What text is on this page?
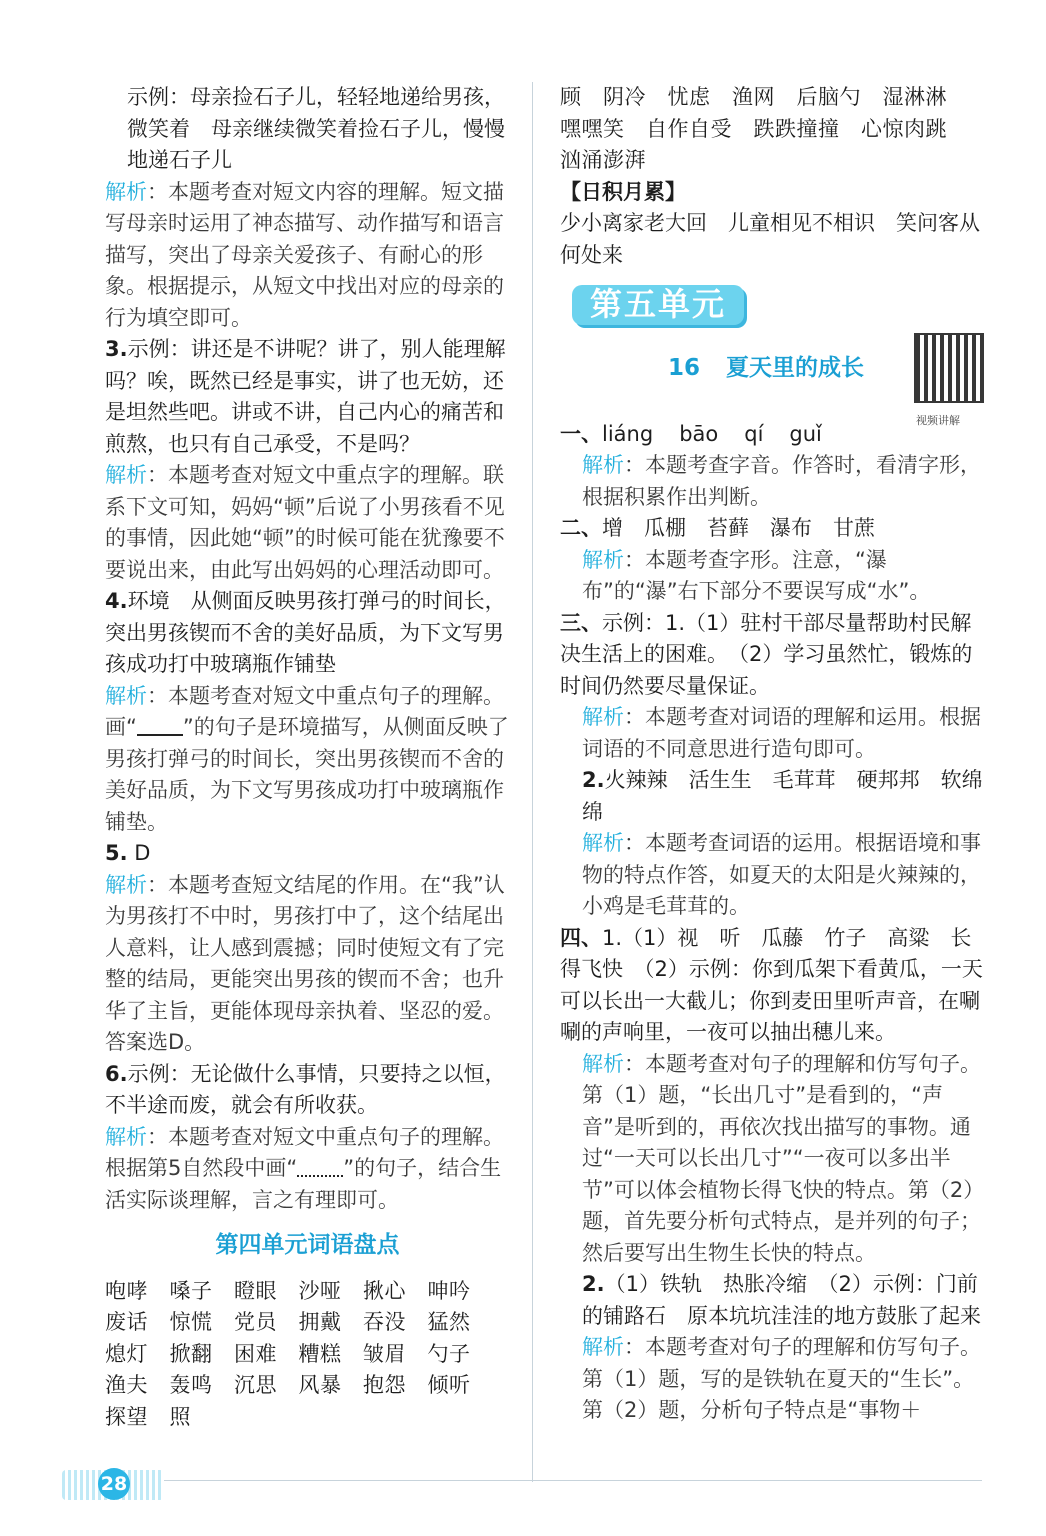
示例：母亲捡石子儿，轻轻地递给男孩，微笑着　母亲继续微笑着捡石子儿，慢慢地递石子儿

解析：本题考查对短文内容的理解。短文描写母亲时运用了神态描写、动作描写和语言描写，突出了母亲关爱孩子、有耐心的形象。根据提示，从短文中找出对应的母亲的行为填空即可。

3.示例：讲还是不讲呢？讲了，别人能理解吗？唉，既然已经是事实，讲了也无妨，还是坦然些吧。讲或不讲，自己内心的痛苦和煎熬，也只有自己承受，不是吗？

解析：本题考查对短文中重点字的理解。联系下文可知，妈妈“顿”后说了小男孩看不见的事情，因此她“顿”的时候可能在犹豫要不要说出来，由此写出妈妈的心理活动即可。

4.环境　从侧面反映男孩打弹弓的时间长，突出男孩锲而不舍的美好品质，为下文写男孩成功打中玻璃瓶作铺垫

解析：本题考查对短文中重点句子的理解。画“ ”的句子是环境描写，从侧面反映了男孩打弹弓的时间长，突出男孩锲而不舍的美好品质，为下文写男孩成功打中玻璃瓶作铺垫。

5. D

解析：本题考查短文结尾的作用。在“我”认为男孩打不中时，男孩打中了，这个结尾出人意料，让人感到震撼；同时使短文有了完整的结局，更能突出男孩的锲而不舍；也升华了主旨，更能体现母亲执着、坚忍的爱。答案选D。

6.示例：无论做什么事情，只要持之以恒，不半途而废，就会有所收获。

解析：本题考查对短文中重点句子的理解。根据第5自然段中画“ ”的句子，结合生活实际谈理解，言之有理即可。

第四单元词语盘点

咆哮　嗓子　瞪眼　沙哑　揪心　呻吟　废话　惊慌　党员　拥戴　吞没　猛然　熄灯　掀翻　困难　糟糕　皱眉　勺子　渔夫　轰鸣　沉思　风暴　抱怨　倾听　探望　照

顾　阴冷　忧虑　渔网　后脑勺　湿淋淋　嘿嘿笑　自作自受　跌跌撞撞　心惊肉跳　汹涌澎湃

【日积月累】

少小离家老大回　儿童相见不相识　笑问客从何处来

第五单元
16 夏天里的成长
视频讲解

一、liáng bāo qí guǐ

解析：本题考查字音。作答时，看清字形，根据积累作出判断。

二、增　瓜棚　苔藓　瀑布　甘蔗

解析：本题考查字形。注意，“瀑布”的“瀑”右下部分不要误写成“水”。

三、示例：1.（1）驻村干部尽量帮助村民解决生活上的困难。　（2）学习虽然忙，锻炼的时间仍然要尽量保证。

解析：本题考查对词语的理解和运用。根据词语的不同意思进行造句即可。

2.火辣辣　活生生　毛茸茸　硬邦邦　软绵绵

解析：本题考查词语的运用。根据语境和事物的特点作答，如夏天的太阳是火辣辣的，小鸡是毛茸茸的。

四、1.（1）视　听　瓜藤　竹子　高粱　长得飞快　（2）示例：你到瓜架下看黄瓜，一天可以长出一大截儿；你到麦田里听声音，在唰唰的声响里，一夜可以抽出穗儿来。

解析：本题考查对句子的理解和仿写句子。第（1）题，“长出几寸”是看到的，“声音”是听到的，再依次找出描写的事物。通过“一天可以长出几寸”“一夜可以多出半节”可以体会植物长得飞快的特点。第（2）题，首先要分析句式特点，是并列的句子；然后要写出生物生长快的特点。

2.（1）铁轨　热胀冷缩　（2）示例：门前的铺路石　原本坑坑洼洼的地方鼓胀了起来

解析：本题考查对句子的理解和仿写句子。第（1）题，写的是铁轨在夏天的“生长”。第（2）题，分析句子特点是“事物＋

28
